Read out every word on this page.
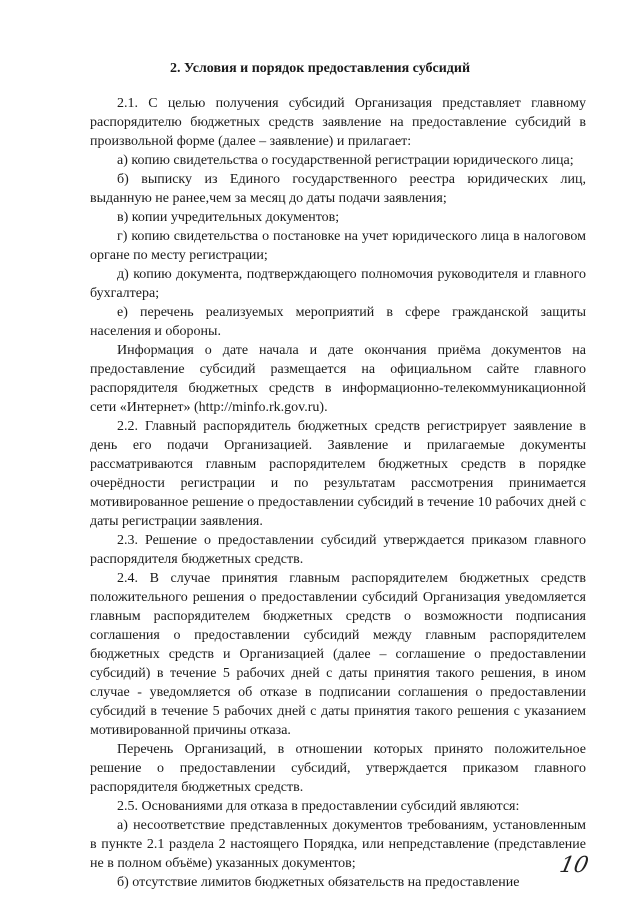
2. Условия и порядок предоставления субсидий

2.1. С целью получения субсидий Организация представляет главному распорядителю бюджетных средств заявление на предоставление субсидий в произвольной форме (далее – заявление) и прилагает:

а) копию свидетельства о государственной регистрации юридического лица;

б) выписку из Единого государственного реестра юридических лиц, выданную не ранее,чем за месяц до даты подачи заявления;

в) копии учредительных документов;

г) копию свидетельства о постановке на учет юридического лица в налоговом органе по месту регистрации;

д) копию документа, подтверждающего полномочия руководителя и главного бухгалтера;

е) перечень реализуемых мероприятий в сфере гражданской защиты населения и обороны.

Информация о дате начала и дате окончания приёма документов на предоставление субсидий размещается на официальном сайте главного распорядителя бюджетных средств в информационно-телекоммуникационной сети «Интернет» (http://minfo.rk.gov.ru).

2.2. Главный распорядитель бюджетных средств регистрирует заявление в день его подачи Организацией. Заявление и прилагаемые документы рассматриваются главным распорядителем бюджетных средств в порядке очерёдности регистрации и по результатам рассмотрения принимается мотивированное решение о предоставлении субсидий в течение 10 рабочих дней с даты регистрации заявления.

2.3. Решение о предоставлении субсидий утверждается приказом главного распорядителя бюджетных средств.

2.4. В случае принятия главным распорядителем бюджетных средств положительного решения о предоставлении субсидий Организация уведомляется главным распорядителем бюджетных средств о возможности подписания соглашения о предоставлении субсидий между главным распорядителем бюджетных средств и Организацией (далее – соглашение о предоставлении субсидий) в течение 5 рабочих дней с даты принятия такого решения, в ином случае - уведомляется об отказе в подписании соглашения о предоставлении субсидий в течение 5 рабочих дней с даты принятия такого решения с указанием мотивированной причины отказа.

Перечень Организаций, в отношении которых принято положительное решение о предоставлении субсидий, утверждается приказом главного распорядителя бюджетных средств.

2.5. Основаниями для отказа в предоставлении субсидий являются:

а) несоответствие представленных документов требованиям, установленным в пункте 2.1 раздела 2 настоящего Порядка, или непредставление (представление не в полном объёме) указанных документов;

б) отсутствие лимитов бюджетных обязательств на предоставление

10
